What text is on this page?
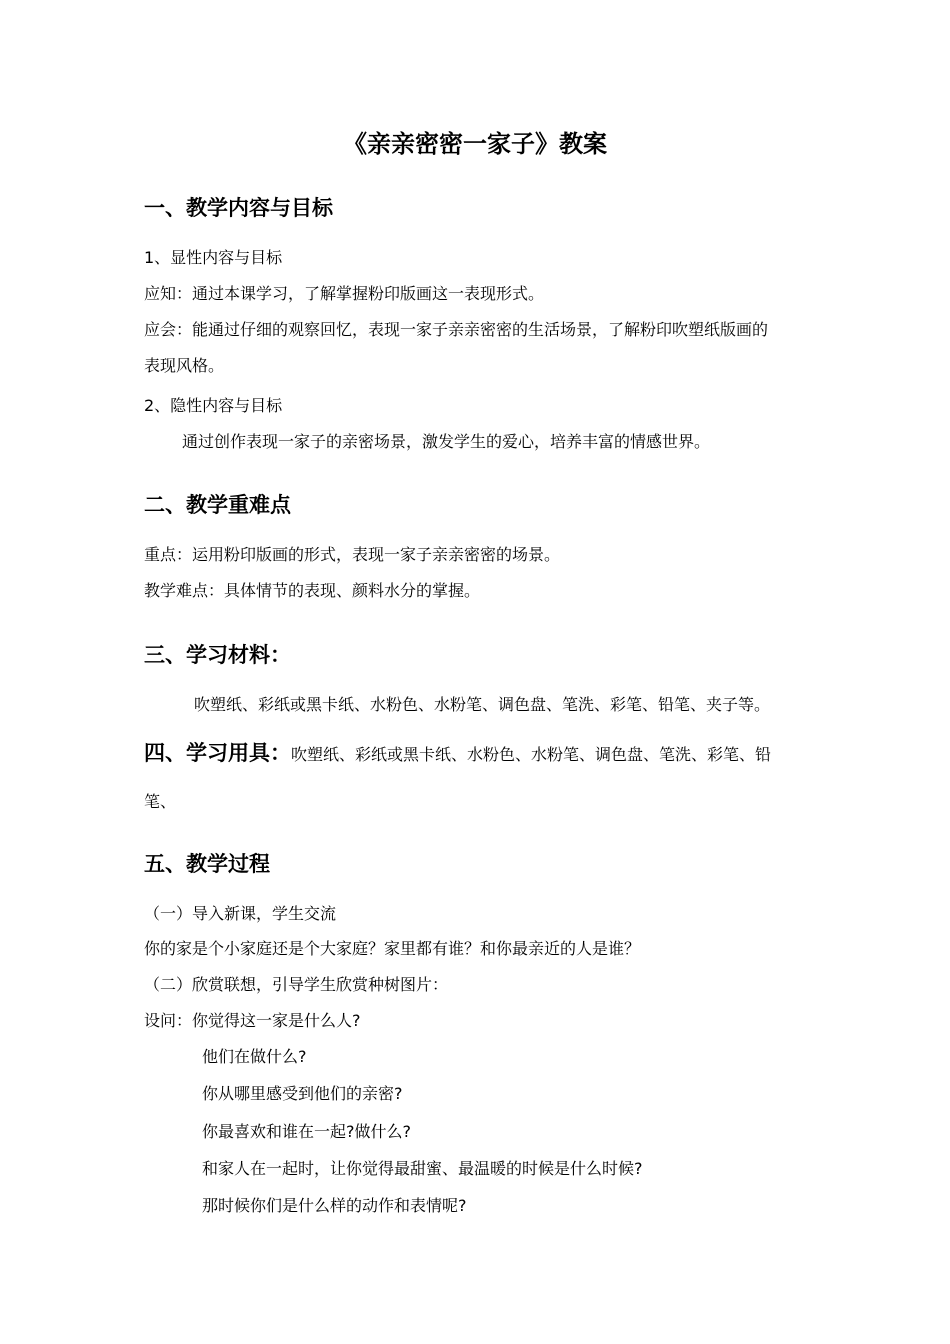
《亲亲密密一家子》教案
一、教学内容与目标
1、显性内容与目标
应知：通过本课学习，了解掌握粉印版画这一表现形式。
应会：能通过仔细的观察回忆，表现一家子亲亲密密的生活场景，了解粉印吹塑纸版画的
表现风格。
2、隐性内容与目标
通过创作表现一家子的亲密场景，激发学生的爱心，培养丰富的情感世界。
二、教学重难点
重点：运用粉印版画的形式，表现一家子亲亲密密的场景。
教学难点：具体情节的表现、颜料水分的掌握。
三、学习材料：
吹塑纸、彩纸或黑卡纸、水粉色、水粉笔、调色盘、笔洗、彩笔、铅笔、夹子等。
四、学习用具：吹塑纸、彩纸或黑卡纸、水粉色、水粉笔、调色盘、笔洗、彩笔、铅
笔、
五、教学过程
（一）导入新课，学生交流
你的家是个小家庭还是个大家庭？家里都有谁？和你最亲近的人是谁？
（二）欣赏联想，引导学生欣赏种树图片：
设问：你觉得这一家是什么人?
他们在做什么?
你从哪里感受到他们的亲密?
你最喜欢和谁在一起?做什么?
和家人在一起时，让你觉得最甜蜜、最温暖的时候是什么时候?
那时候你们是什么样的动作和表情呢?
